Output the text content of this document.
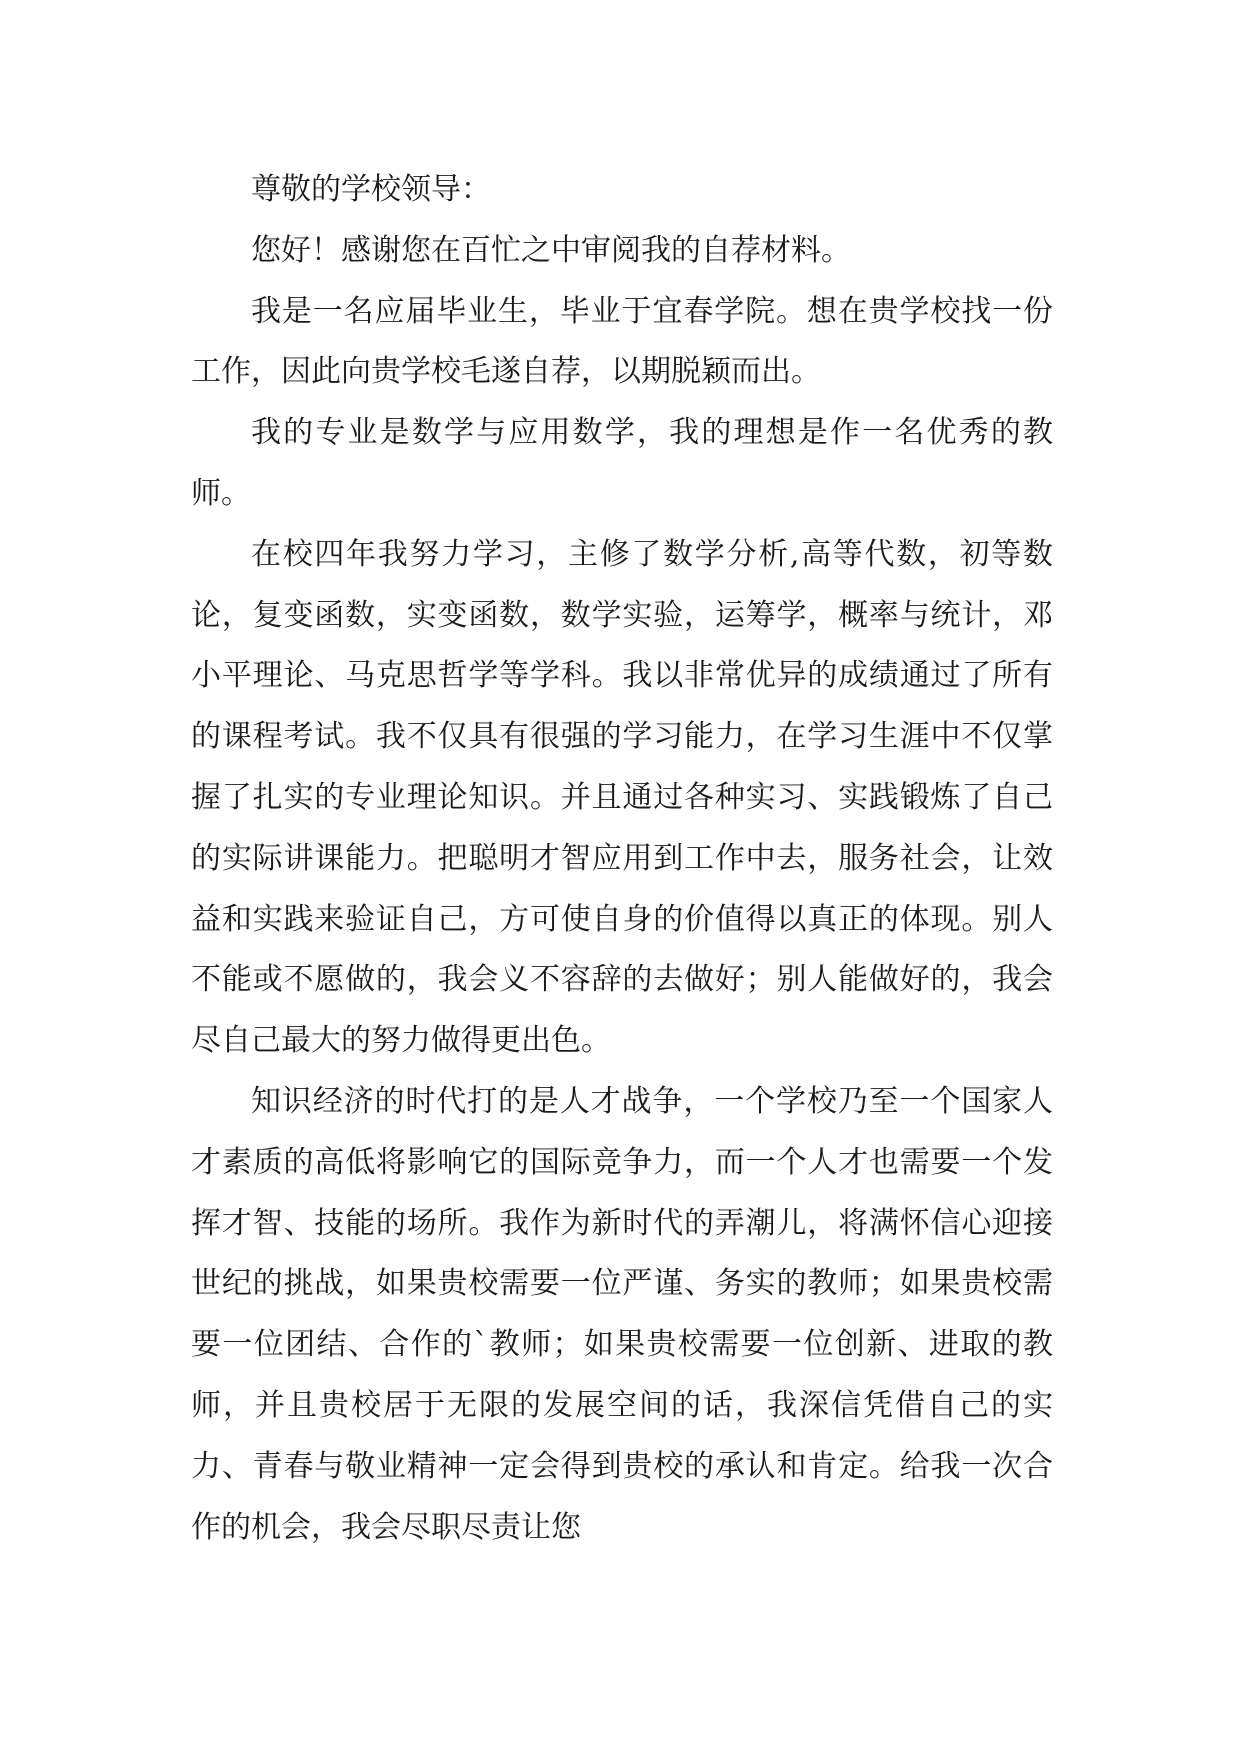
尊敬的学校领导：

您好！感谢您在百忙之中审阅我的自荐材料。

我是一名应届毕业生，毕业于宜春学院。想在贵学校找一份工作，因此向贵学校毛遂自荐，以期脱颖而出。

我的专业是数学与应用数学，我的理想是作一名优秀的教师。

在校四年我努力学习，主修了数学分析,高等代数，初等数论，复变函数，实变函数，数学实验，运筹学，概率与统计，邓小平理论、马克思哲学等学科。我以非常优异的成绩通过了所有的课程考试。我不仅具有很强的学习能力，在学习生涯中不仅掌握了扎实的专业理论知识。并且通过各种实习、实践锻炼了自己的实际讲课能力。把聪明才智应用到工作中去，服务社会，让效益和实践来验证自己，方可使自身的价值得以真正的体现。别人不能或不愿做的，我会义不容辞的去做好；别人能做好的，我会尽自己最大的努力做得更出色。

知识经济的时代打的是人才战争，一个学校乃至一个国家人才素质的高低将影响它的国际竞争力，而一个人才也需要一个发挥才智、技能的场所。我作为新时代的弄潮儿，将满怀信心迎接世纪的挑战，如果贵校需要一位严谨、务实的教师；如果贵校需要一位团结、合作的`教师；如果贵校需要一位创新、进取的教师，并且贵校居于无限的发展空间的话，我深信凭借自己的实力、青春与敬业精神一定会得到贵校的承认和肯定。给我一次合作的机会，我会尽职尽责让您
